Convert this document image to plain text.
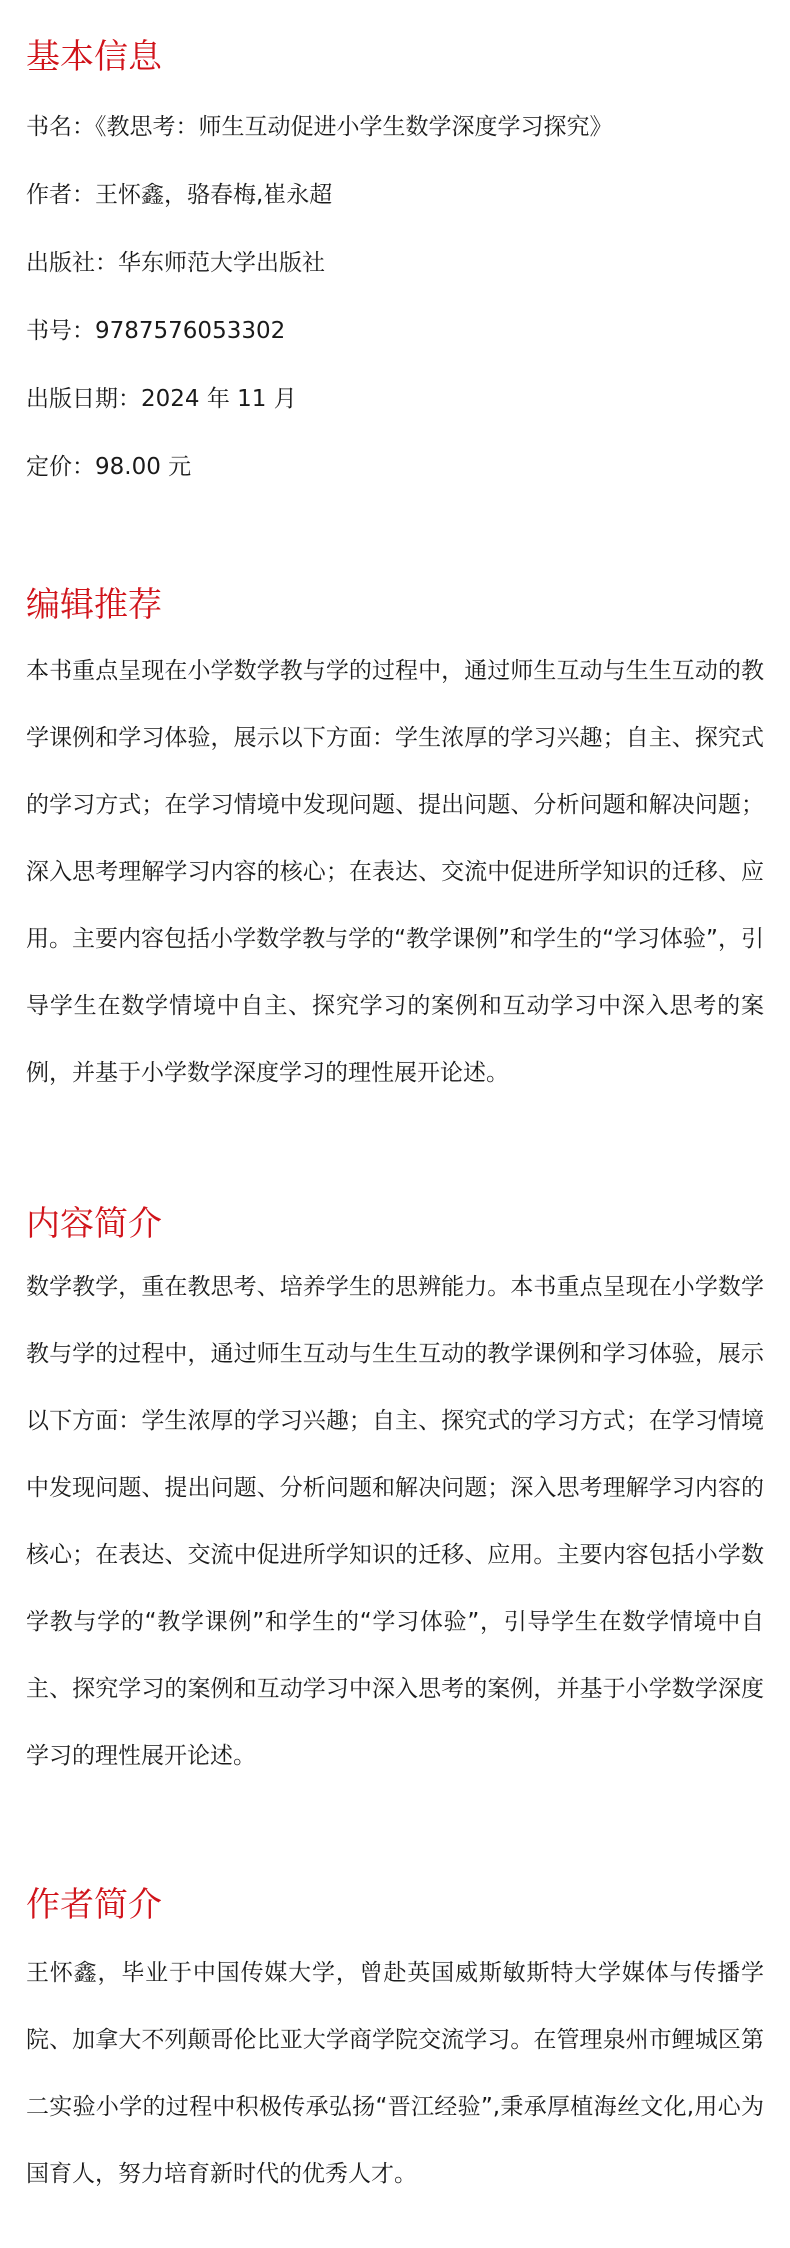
基本信息

书名：《教思考：师生互动促进小学生数学深度学习探究》

作者：王怀鑫，骆春梅,崔永超

出版社：华东师范大学出版社

书号：9787576053302

出版日期：2024 年 11 月

定价：98.00 元

编辑推荐

本书重点呈现在小学数学教与学的过程中，通过师生互动与生生互动的教学课例和学习体验，展示以下方面：学生浓厚的学习兴趣；自主、探究式的学习方式；在学习情境中发现问题、提出问题、分析问题和解决问题；深入思考理解学习内容的核心；在表达、交流中促进所学知识的迁移、应用。主要内容包括小学数学教与学的“教学课例”和学生的“学习体验”，引导学生在数学情境中自主、探究学习的案例和互动学习中深入思考的案例，并基于小学数学深度学习的理性展开论述。

内容简介

数学教学，重在教思考、培养学生的思辨能力。本书重点呈现在小学数学教与学的过程中，通过师生互动与生生互动的教学课例和学习体验，展示以下方面：学生浓厚的学习兴趣；自主、探究式的学习方式；在学习情境中发现问题、提出问题、分析问题和解决问题；深入思考理解学习内容的核心；在表达、交流中促进所学知识的迁移、应用。主要内容包括小学数学教与学的“教学课例”和学生的“学习体验”，引导学生在数学情境中自主、探究学习的案例和互动学习中深入思考的案例，并基于小学数学深度学习的理性展开论述。

作者简介

王怀鑫，毕业于中国传媒大学，曾赴英国威斯敏斯特大学媒体与传播学院、加拿大不列颠哥伦比亚大学商学院交流学习。在管理泉州市鲤城区第二实验小学的过程中积极传承弘扬“晋江经验”,秉承厚植海丝文化,用心为国育人，努力培育新时代的优秀人才。
